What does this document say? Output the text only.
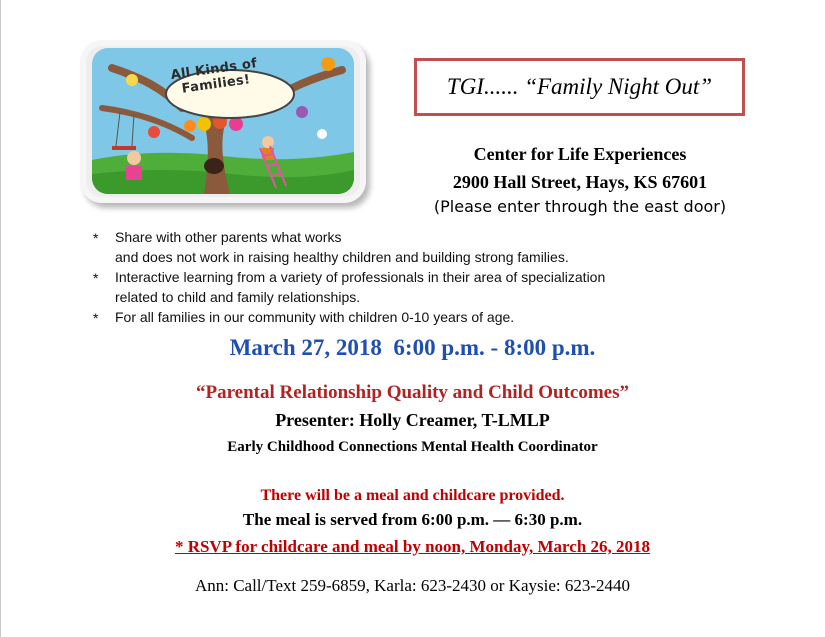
All Kinds of Families!	TGI...... “Family Night Out”
Center for Life Experiences
2900 Hall Street, Hays, KS 67601
(Please enter through the east door)
* Share with other parents what works
and does not work in raising healthy children and building strong families.
* Interactive learning from a variety of professionals in their area of specialization
related to child and family relationships.
* For all families in our community with children 0-10 years of age.
March 27, 2018  6:00 p.m. - 8:00 p.m.
“Parental Relationship Quality and Child Outcomes”
Presenter: Holly Creamer, T-LMLP
Early Childhood Connections Mental Health Coordinator
There will be a meal and childcare provided.
The meal is served from 6:00 p.m. — 6:30 p.m.
* RSVP for childcare and meal by noon, Monday, March 26, 2018
Ann: Call/Text 259-6859, Karla: 623-2430 or Kaysie: 623-2440
